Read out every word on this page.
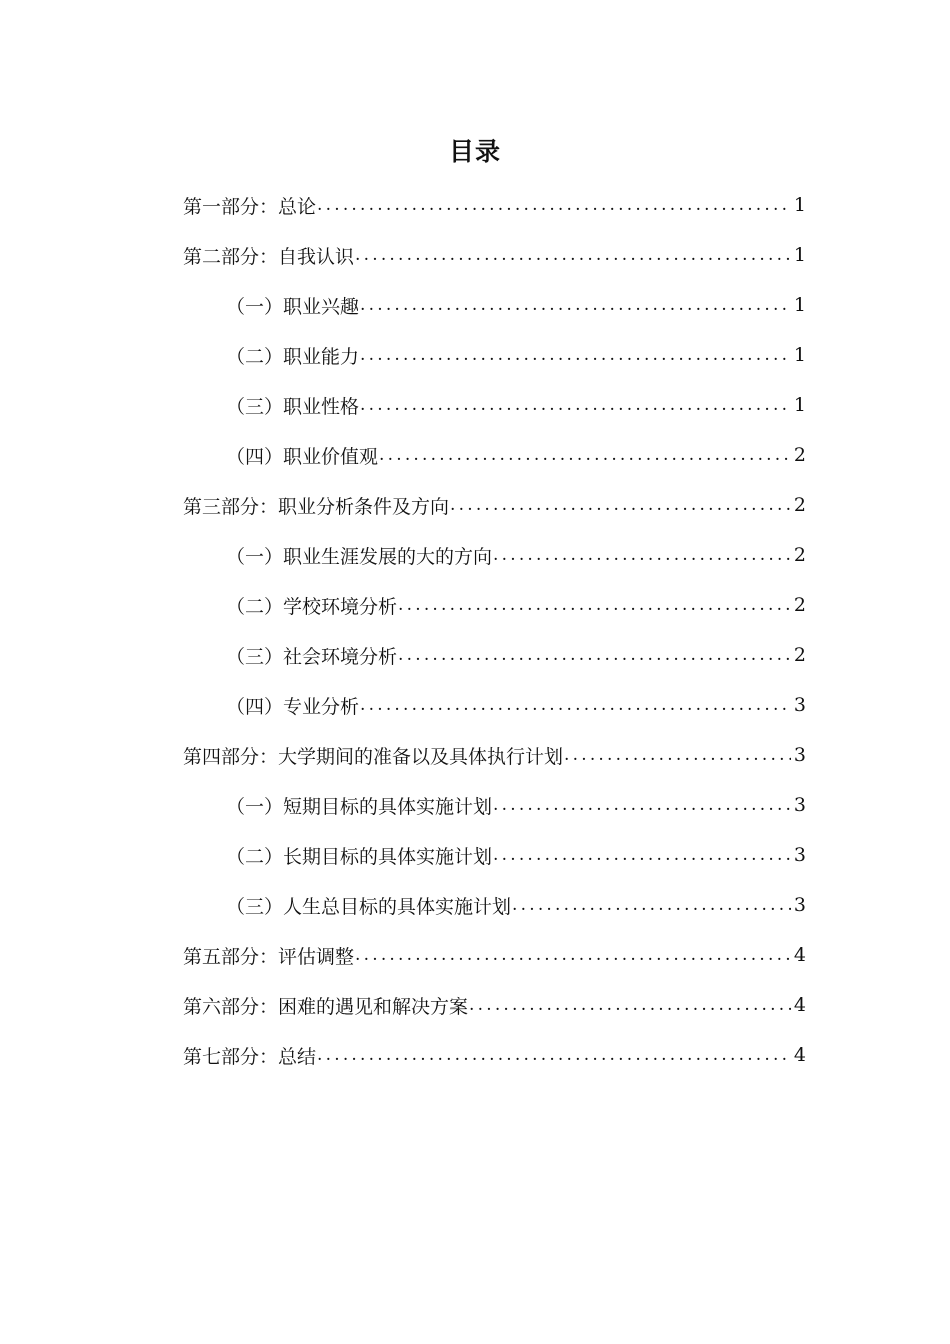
目录
第一部分：总论 .....	1
第二部分：自我认识 .....	1
（一）职业兴趣 .....	1
（二）职业能力 .....	1
（三）职业性格 .....	1
（四）职业价值观 .....	2
第三部分：职业分析条件及方向 .....	2
（一）职业生涯发展的大的方向 .....	2
（二）学校环境分析 .....	2
（三）社会环境分析 .....	2
（四）专业分析 .....	3
第四部分：大学期间的准备以及具体执行计划 .....	3
（一）短期目标的具体实施计划 .....	3
（二）长期目标的具体实施计划 .....	3
（三）人生总目标的具体实施计划 .....	3
第五部分：评估调整 .....	4
第六部分：困难的遇见和解决方案 .....	4
第七部分：总结 .....	4
